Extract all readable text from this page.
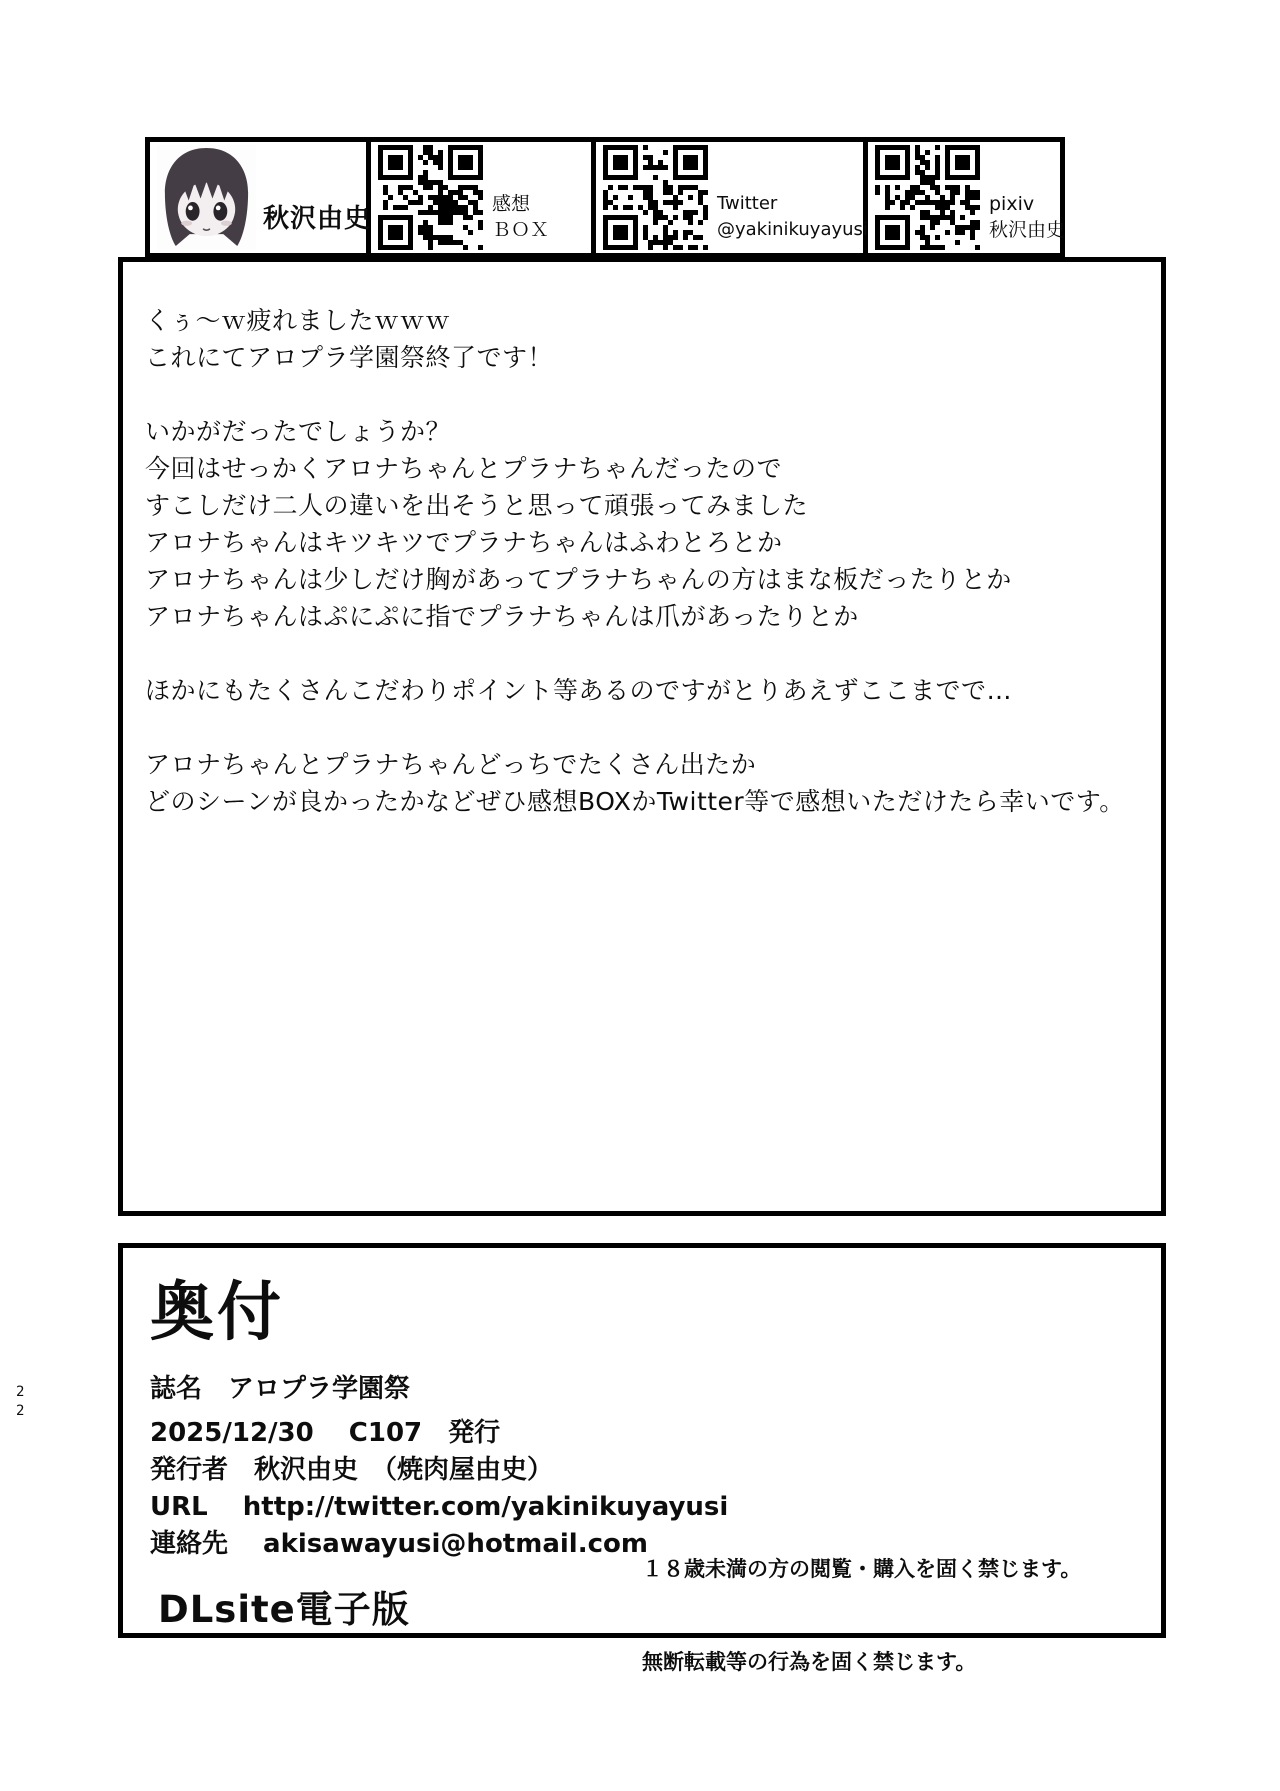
秋沢由史	感想
ＢＯＸ
Twitter
@yakinikuyayusi
pixiv
秋沢由史
くぅ～ｗ疲れましたｗｗｗ
これにてアロプラ学園祭終了です！
いかがだったでしょうか？
今回はせっかくアロナちゃんとプラナちゃんだったので
すこしだけ二人の違いを出そうと思って頑張ってみました
アロナちゃんはキツキツでプラナちゃんはふわとろとか
アロナちゃんは少しだけ胸があってプラナちゃんの方はまな板だったりとか
アロナちゃんはぷにぷに指でプラナちゃんは爪があったりとか
ほかにもたくさんこだわりポイント等あるのですがとりあえずここまでで…
アロナちゃんとプラナちゃんどっちでたくさん出たか
どのシーンが良かったかなどぜひ感想BOXかTwitter等で感想いただけたら幸いです。
奥付
誌名　アロプラ学園祭
2025/12/30　 C107　発行
発行者　秋沢由史　（焼肉屋由史）
URL　 http://twitter.com/yakinikuyayusi
連絡先　 akisawayusi@hotmail.com
DLsite電子版

１８歳未満の方の閲覧・購入を固く禁じます。

無断転載等の行為を固く禁じます。

2
2
